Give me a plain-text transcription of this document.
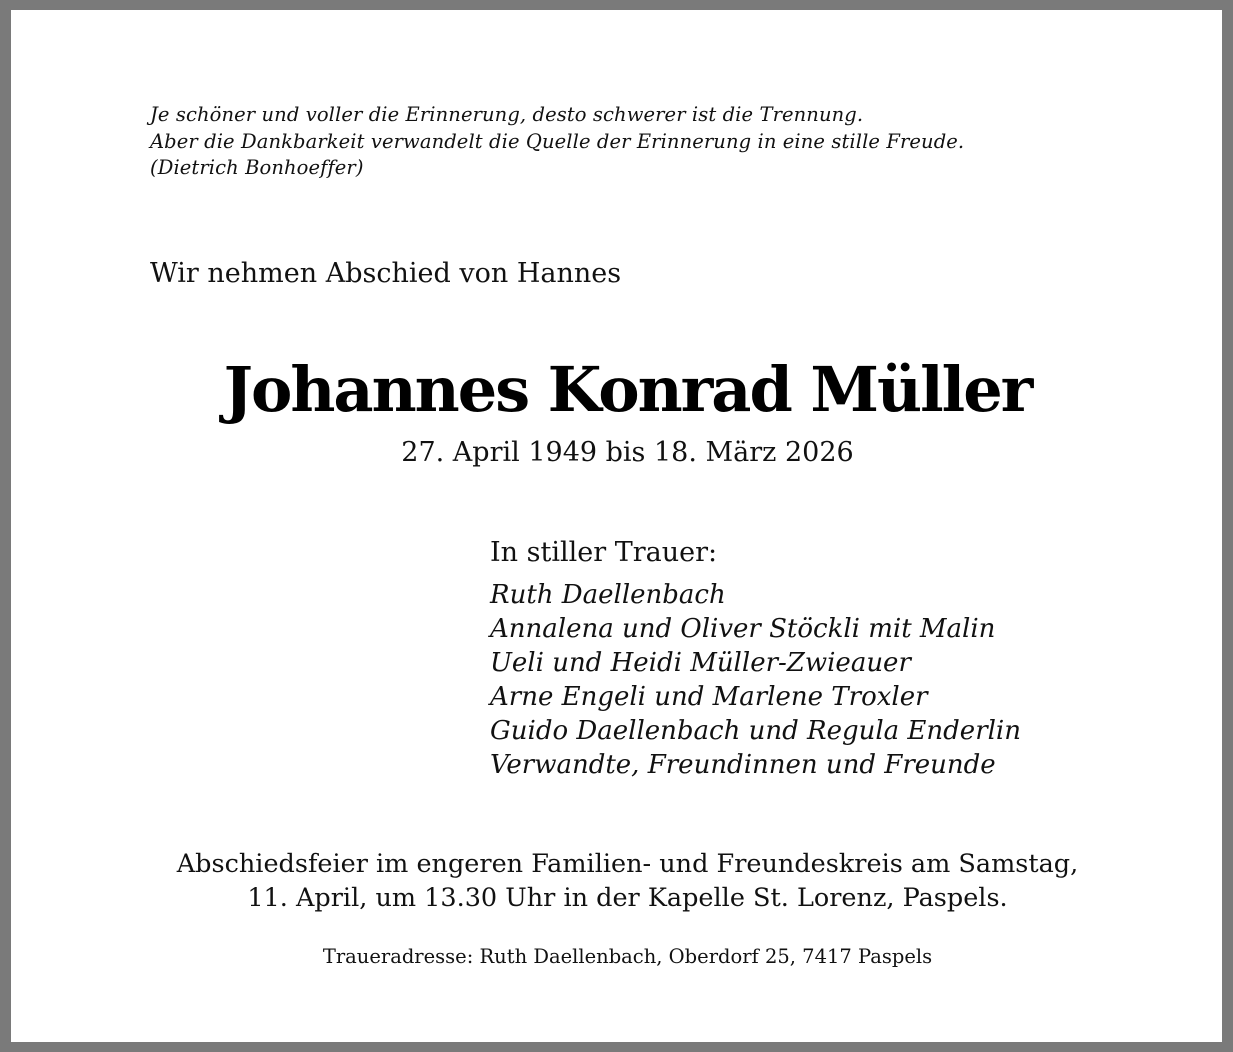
Je schöner und voller die Erinnerung, desto schwerer ist die Trennung.
Aber die Dankbarkeit verwandelt die Quelle der Erinnerung in eine stille Freude.
(Dietrich Bonhoeffer)
Wir nehmen Abschied von Hannes
Johannes Konrad Müller
27. April 1949 bis 18. März 2026
In stiller Trauer:
Ruth Daellenbach
Annalena und Oliver Stöckli mit Malin
Ueli und Heidi Müller-Zwieauer
Arne Engeli und Marlene Troxler
Guido Daellenbach und Regula Enderlin
Verwandte, Freundinnen und Freunde
Abschiedsfeier im engeren Familien- und Freundeskreis am Samstag,
11. April, um 13.30 Uhr in der Kapelle St. Lorenz, Paspels.
Traueradresse: Ruth Daellenbach, Oberdorf 25, 7417 Paspels
